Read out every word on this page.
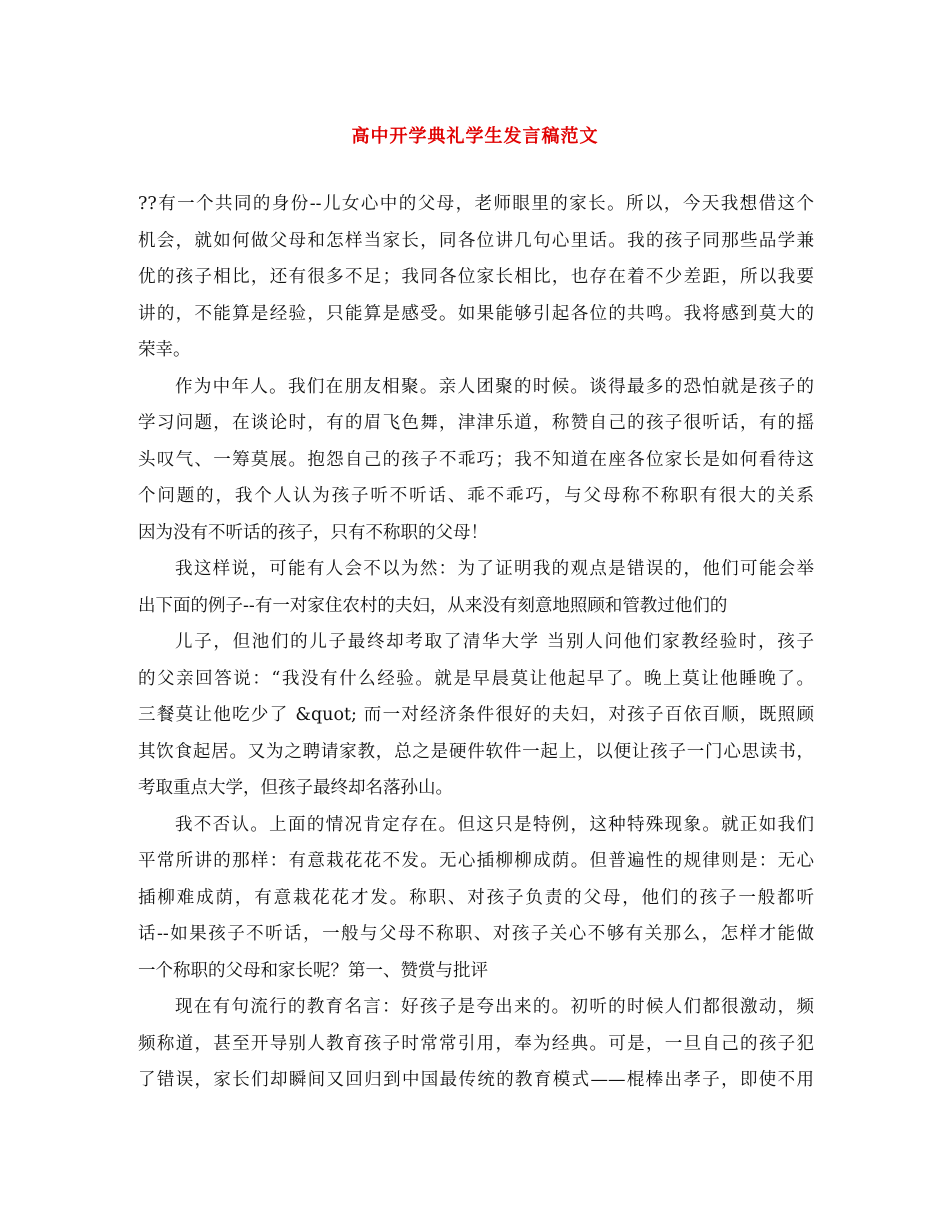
高中开学典礼学生发言稿范文
??有一个共同的身份--儿女心中的父母，老师眼里的家长。所以，今天我想借这个
机会，就如何做父母和怎样当家长，同各位讲几句心里话。我的孩子同那些品学兼
优的孩子相比，还有很多不足；我同各位家长相比，也存在着不少差距，所以我要
讲的，不能算是经验，只能算是感受。如果能够引起各位的共鸣。我将感到莫大的
荣幸。
作为中年人。我们在朋友相聚。亲人团聚的时候。谈得最多的恐怕就是孩子的
学习问题，在谈论时，有的眉飞色舞，津津乐道，称赞自己的孩子很听话，有的摇
头叹气、一筹莫展。抱怨自己的孩子不乖巧；我不知道在座各位家长是如何看待这
个问题的，我个人认为孩子听不听话、乖不乖巧，与父母称不称职有很大的关系
因为没有不听话的孩子，只有不称职的父母！
我这样说，可能有人会不以为然：为了证明我的观点是错误的，他们可能会举
出下面的例子--有一对家住农村的夫妇，从来没有刻意地照顾和管教过他们的
儿子，但池们的儿子最终却考取了清华大学 当别人问他们家教经验时，孩子
的父亲回答说：“我没有什么经验。就是早晨莫让他起早了。晚上莫让他睡晚了。
三餐莫让他吃少了 &quot; 而一对经济条件很好的夫妇，对孩子百依百顺，既照顾
其饮食起居。又为之聘请家教，总之是硬件软件一起上，以便让孩子一门心思读书，
考取重点大学，但孩子最终却名落孙山。
我不否认。上面的情况肯定存在。但这只是特例，这种特殊现象。就正如我们
平常所讲的那样：有意栽花花不发。无心插柳柳成荫。但普遍性的规律则是：无心
插柳难成荫，有意栽花花才发。称职、对孩子负责的父母，他们的孩子一般都听
话--如果孩子不听话，一般与父母不称职、对孩子关心不够有关那么，怎样才能做
一个称职的父母和家长呢？第一、赞赏与批评
现在有句流行的教育名言：好孩子是夸出来的。初听的时候人们都很激动，频
频称道，甚至开导别人教育孩子时常常引用，奉为经典。可是，一旦自己的孩子犯
了错误，家长们却瞬间又回归到中国最传统的教育模式——棍棒出孝子，即使不用
